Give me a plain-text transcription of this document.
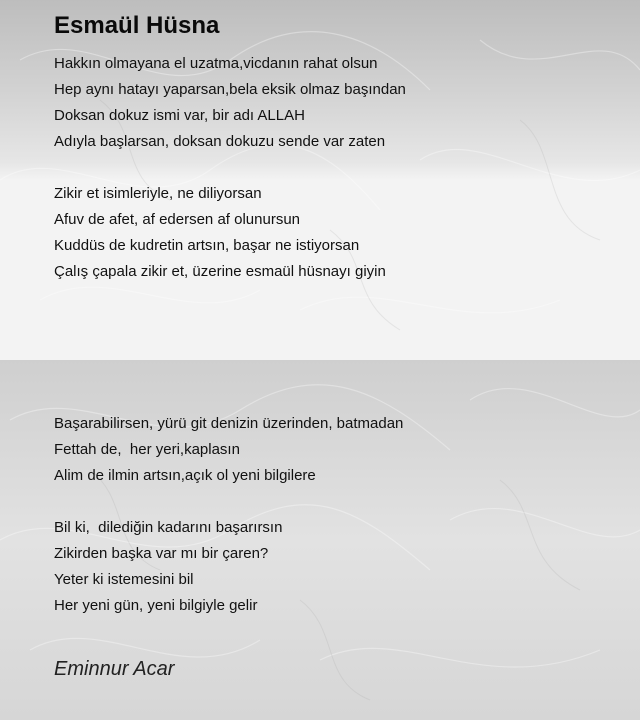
Esmaül Hüsna
Hakkın olmayana el uzatma,vicdanın rahat olsun
Hep aynı hatayı yaparsan,bela eksik olmaz başından
Doksan dokuz ismi var, bir adı ALLAH
Adıyla başlarsan, doksan dokuzu sende var zaten
Zikir et isimleriyle, ne diliyorsan
Afuv de afet, af edersen af olunursun
Kuddüs de kudretin artsın, başar ne istiyorsan
Çalış çapala zikir et, üzerine esmaül hüsnayı giyin
Başarabilirsen, yürü git denizin üzerinden, batmadan
Fettah de,  her yeri,kaplasın
Alim de ilmin artsın,açık ol yeni bilgilere
Bil ki,  dilediğin kadarını başarırsın
Zikirden başka var mı bir çaren?
Yeter ki istemesini bil
Her yeni gün, yeni bilgiyle gelir
Eminnur Acar
